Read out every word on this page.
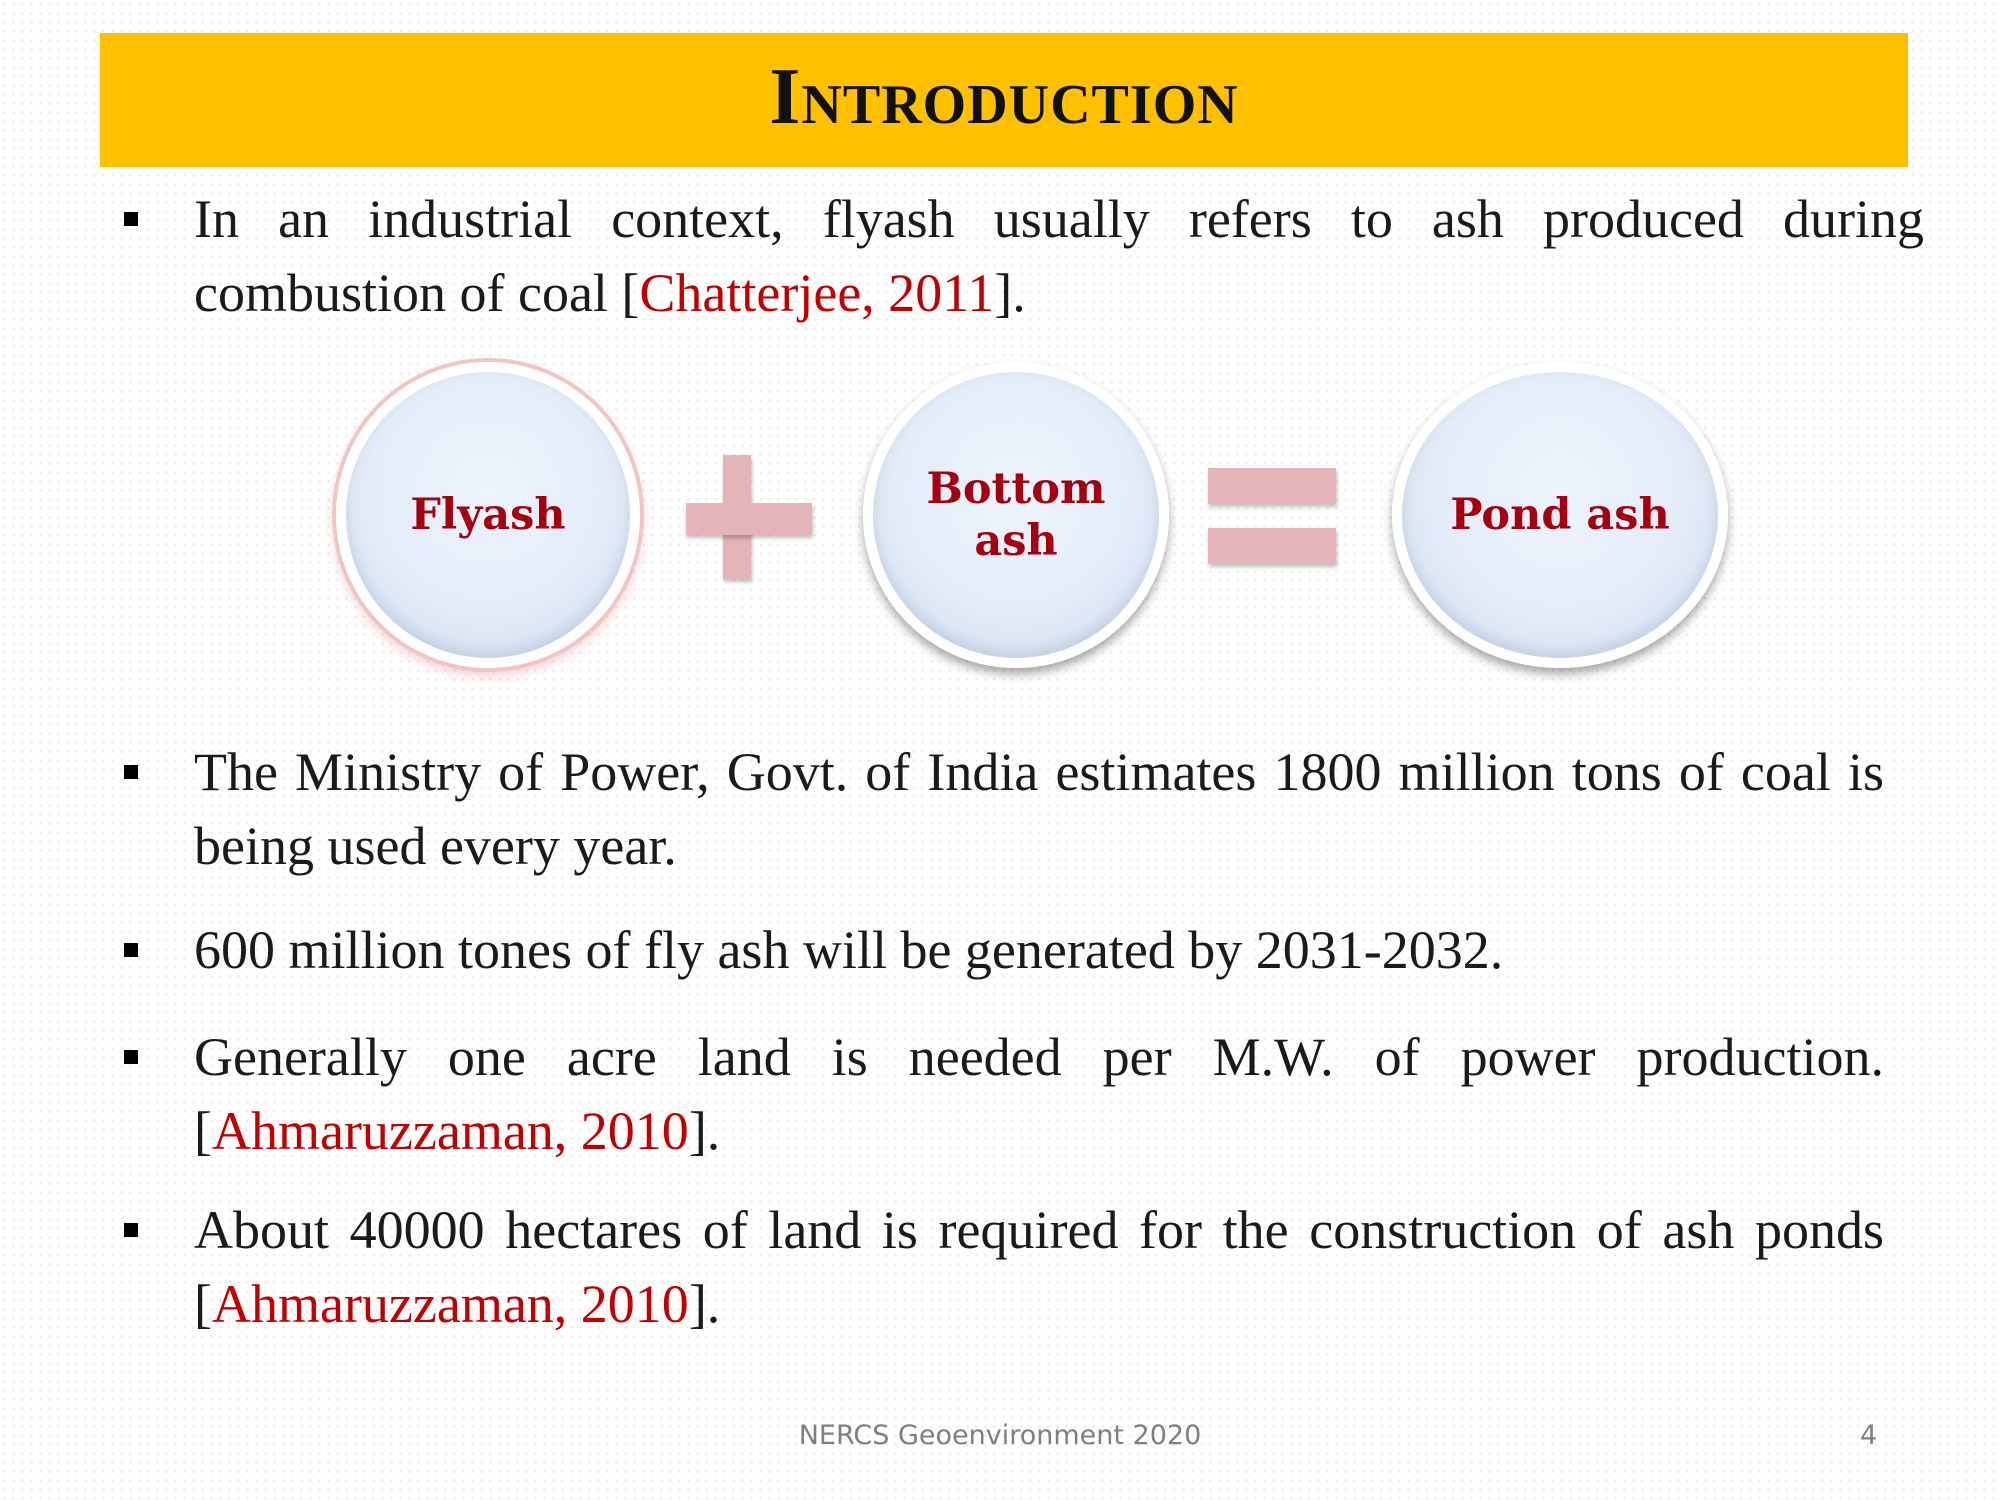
Introduction
In an industrial context, flyash usually refers to ash produced during combustion of coal [Chatterjee, 2011].
Flyash
Bottom ash
Pond ash
The Ministry of Power, Govt. of India estimates 1800 million tons of coal is being used every year.
600 million tones of fly ash will be generated by 2031-2032.
Generally one acre land is needed per M.W. of power production. [Ahmaruzzaman, 2010].
About 40000 hectares of land is required for the construction of ash ponds [Ahmaruzzaman, 2010].
NERCS Geoenvironment 2020	4
